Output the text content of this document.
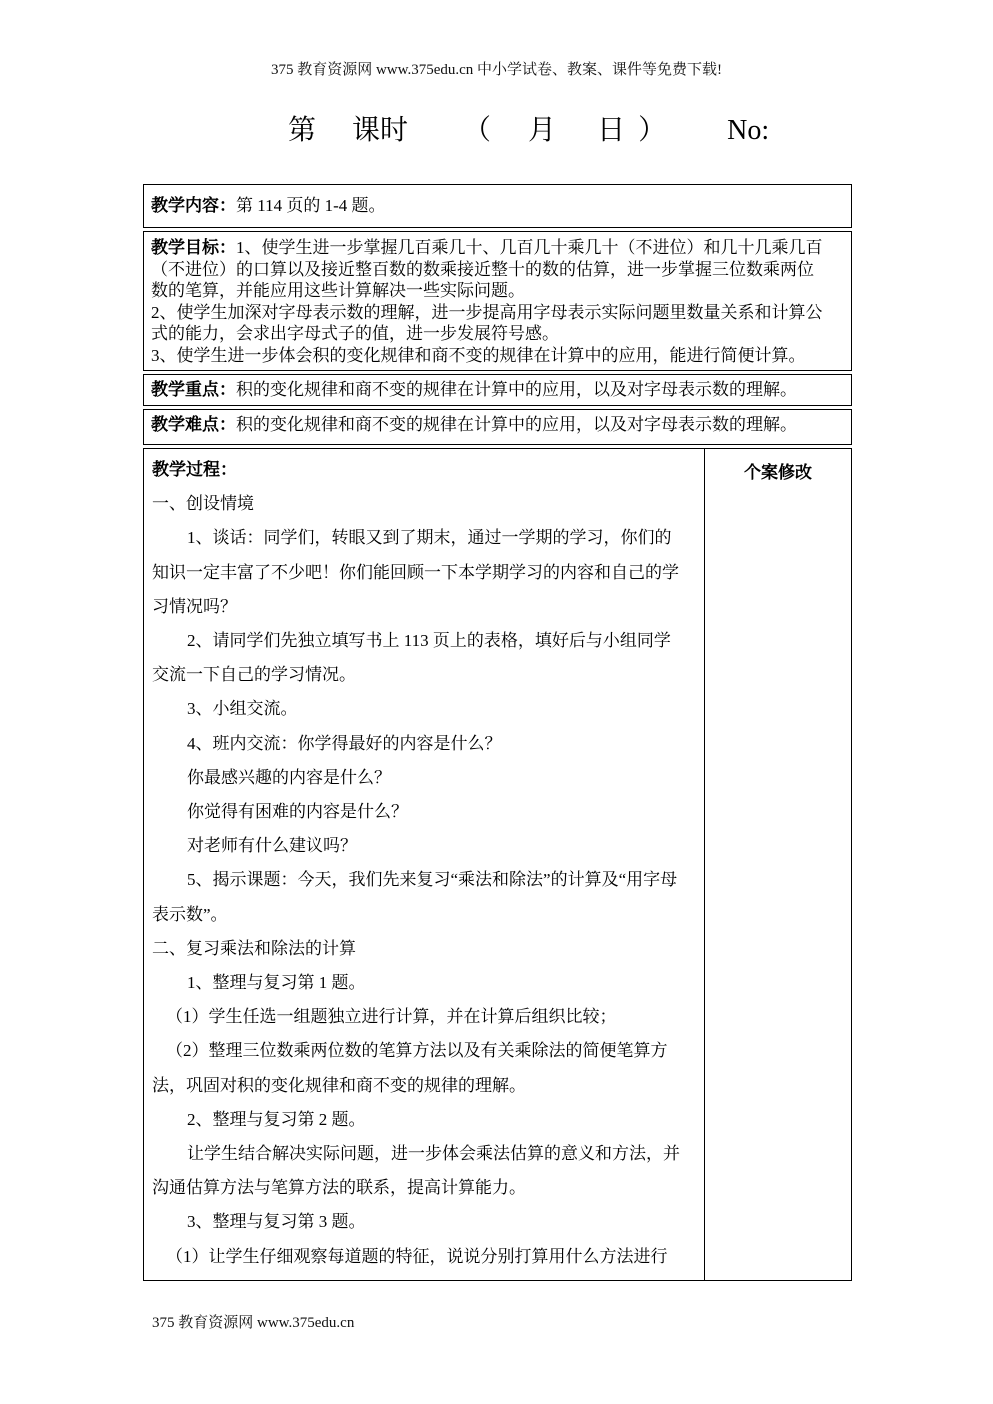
375 教育资源网 www.375edu.cn 中小学试卷、教案、课件等免费下载!
第 课时 （ 月 日 ） No:
教学内容：第 114 页的 1-4 题。
教学目标：1、使学生进一步掌握几百乘几十、几百几十乘几十（不进位）和几十几乘几百
（不进位）的口算以及接近整百数的数乘接近整十的数的估算，进一步掌握三位数乘两位
数的笔算，并能应用这些计算解决一些实际问题。
2、使学生加深对字母表示数的理解，进一步提高用字母表示实际问题里数量关系和计算公
式的能力，会求出字母式子的值，进一步发展符号感。
3、使学生进一步体会积的变化规律和商不变的规律在计算中的应用，能进行简便计算。
教学重点：积的变化规律和商不变的规律在计算中的应用，以及对字母表示数的理解。
教学难点：积的变化规律和商不变的规律在计算中的应用，以及对字母表示数的理解。
教学过程：
一、创设情境
1、谈话：同学们，转眼又到了期末，通过一学期的学习，你们的
知识一定丰富了不少吧！你们能回顾一下本学期学习的内容和自己的学
习情况吗？
2、请同学们先独立填写书上 113 页上的表格，填好后与小组同学
交流一下自己的学习情况。
3、小组交流。
4、班内交流：你学得最好的内容是什么？
你最感兴趣的内容是什么？
你觉得有困难的内容是什么？
对老师有什么建议吗？
5、揭示课题：今天，我们先来复习“乘法和除法”的计算及“用字母
表示数”。
二、复习乘法和除法的计算
1、整理与复习第 1 题。
（1）学生任选一组题独立进行计算，并在计算后组织比较；
（2）整理三位数乘两位数的笔算方法以及有关乘除法的简便笔算方
法，巩固对积的变化规律和商不变的规律的理解。
2、整理与复习第 2 题。
让学生结合解决实际问题，进一步体会乘法估算的意义和方法，并
沟通估算方法与笔算方法的联系，提高计算能力。
3、整理与复习第 3 题。
（1）让学生仔细观察每道题的特征，说说分别打算用什么方法进行
个案修改
375 教育资源网 www.375edu.cn
